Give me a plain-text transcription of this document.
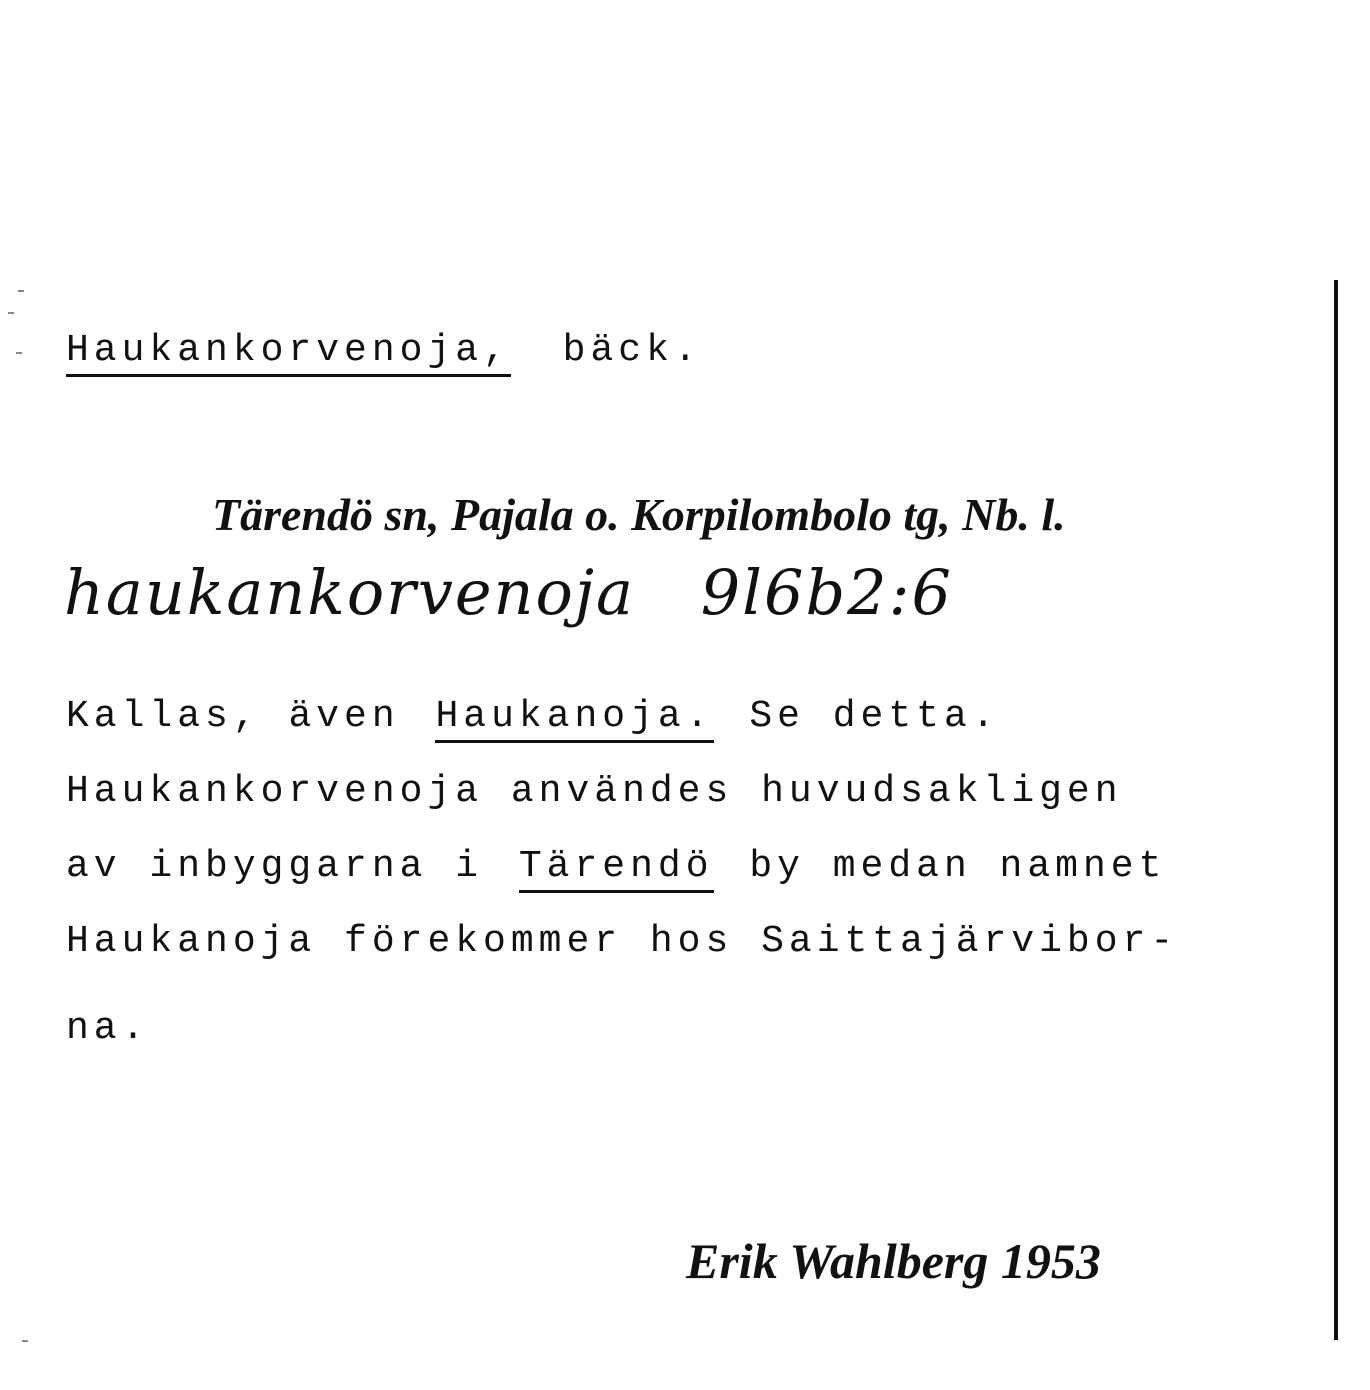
Haukankorvenoja, bäck.
Tärendö sn, Pajala o. Korpilombolo tg, Nb. l.
haukankorvenoja 9l6b2:6
Kallas, även Haukanoja. Se detta.
Haukankorvenoja användes huvudsakligen
av inbyggarna i Tärendö by medan namnet
Haukanoja förekommer hos Saittajärvibor-
na.
Erik Wahlberg 1953
